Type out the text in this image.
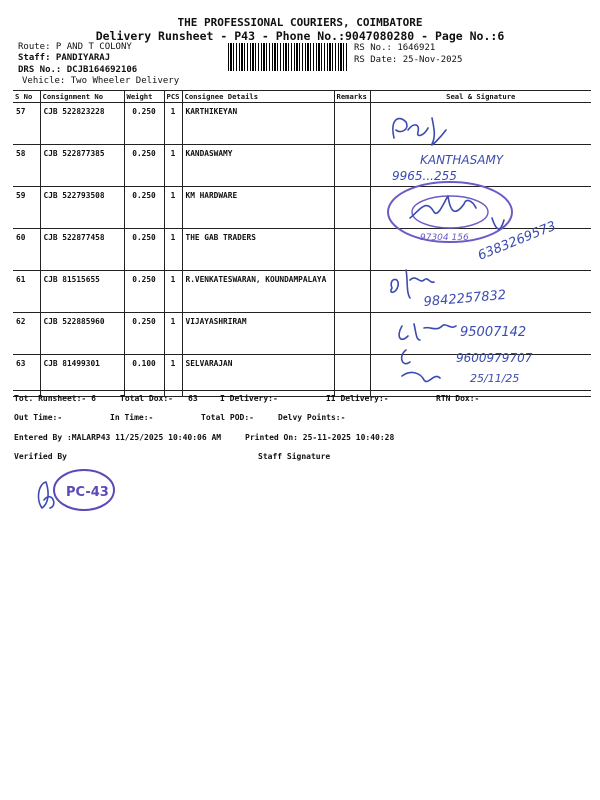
THE PROFESSIONAL COURIERS, COIMBATORE
Delivery Runsheet - P43 - Phone No.:9047080280 - Page No.:6
Route: P AND T COLONY
Staff: PANDIYARAJ
DRS No.: DCJB164692106
Vehicle: Two Wheeler Delivery
RS No.: 1646921
RS Date: 25-Nov-2025
S No	Consignment No	Weight	PCS	Consignee Details	Remarks	Seal & Signature
57	CJB 522823228	0.250	1	KARTHIKEYAN		
58	CJB 522877385	0.250	1	KANDASWAMY		
59	CJB 522793508	0.250	1	KM HARDWARE		
60	CJB 522877458	0.250	1	THE GAB TRADERS		
61	CJB 81515655	0.250	1	R.VENKATESWARAN, KOUNDAMPALAYA		
62	CJB 522885960	0.250	1	VIJAYASHRIRAM		
63	CJB 81499301	0.100	1	SELVARAJAN		
KANTHASAMY
9965...255
97304 156 6383269573
9842257832
95007142
9600979707
25/11/25
Tot. Runsheet:- 6	Total Dox:- 63	I Delivery:-	II Delivery:-	RTN Dox:-
Out Time:-	In Time:-	Total POD:-	Delvy Points:-
Entered By :MALARP43 11/25/2025 10:40:06 AM	Printed On: 25-11-2025 10:40:28
Verified By	Staff Signature
PC-43
